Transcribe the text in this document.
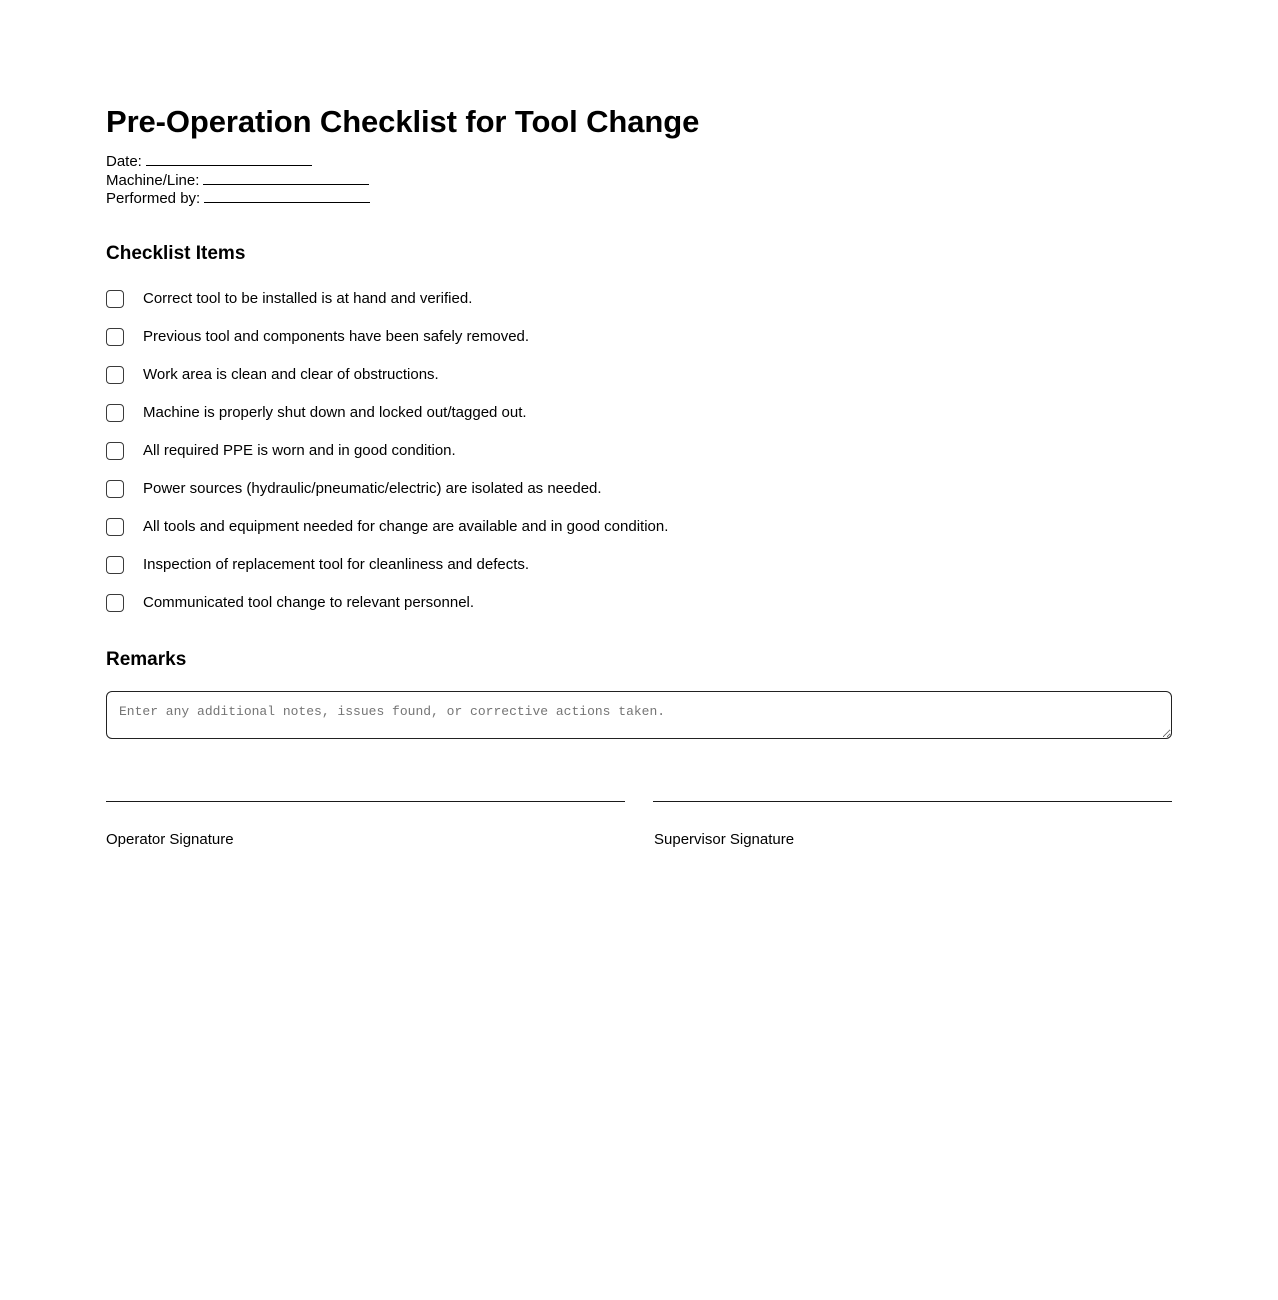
Pre-Operation Checklist for Tool Change
Date:
Machine/Line:
Performed by:
Checklist Items
Correct tool to be installed is at hand and verified.
Previous tool and components have been safely removed.
Work area is clean and clear of obstructions.
Machine is properly shut down and locked out/tagged out.
All required PPE is worn and in good condition.
Power sources (hydraulic/pneumatic/electric) are isolated as needed.
All tools and equipment needed for change are available and in good condition.
Inspection of replacement tool for cleanliness and defects.
Communicated tool change to relevant personnel.
Remarks
Enter any additional notes, issues found, or corrective actions taken.
Operator Signature	Supervisor Signature
